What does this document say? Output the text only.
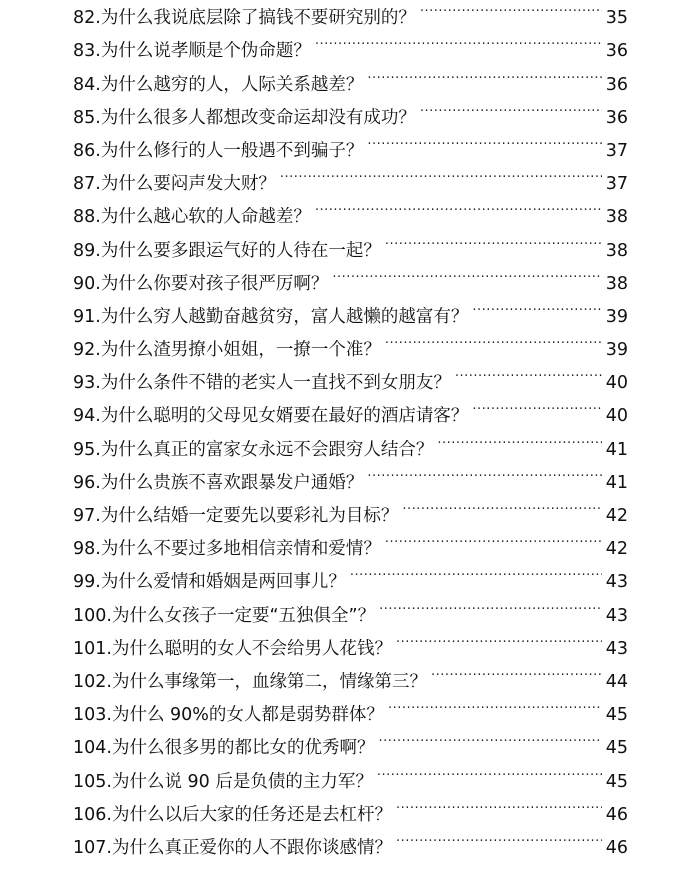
82. 为什么我说底层除了搞钱不要研究别的？ .....	35
83. 为什么说孝顺是个伪命题？ .....	36
84. 为什么越穷的人，人际关系越差？ .....	36
85. 为什么很多人都想改变命运却没有成功？ .....	36
86. 为什么修行的人一般遇不到骗子？ .....	37
87. 为什么要闷声发大财？ .....	37
88. 为什么越心软的人命越差？ .....	38
89. 为什么要多跟运气好的人待在一起？ .....	38
90. 为什么你要对孩子很严厉啊？ .....	38
91. 为什么穷人越勤奋越贫穷，富人越懒的越富有？ .....	39
92. 为什么渣男撩小姐姐，一撩一个准？ .....	39
93. 为什么条件不错的老实人一直找不到女朋友？ .....	40
94. 为什么聪明的父母见女婿要在最好的酒店请客？ .....	40
95. 为什么真正的富家女永远不会跟穷人结合？ .....	41
96. 为什么贵族不喜欢跟暴发户通婚？ .....	41
97. 为什么结婚一定要先以要彩礼为目标？ .....	42
98. 为什么不要过多地相信亲情和爱情？ .....	42
99. 为什么爱情和婚姻是两回事儿？ .....	43
100. 为什么女孩子一定要“五独俱全”？ .....	43
101. 为什么聪明的女人不会给男人花钱？ .....	43
102. 为什么事缘第一，血缘第二，情缘第三？ .....	44
103. 为什么 90%的女人都是弱势群体？ .....	45
104. 为什么很多男的都比女的优秀啊？ .....	45
105. 为什么说 90 后是负债的主力军？ .....	45
106. 为什么以后大家的任务还是去杠杆？ .....	46
107. 为什么真正爱你的人不跟你谈感情？ .....	46
